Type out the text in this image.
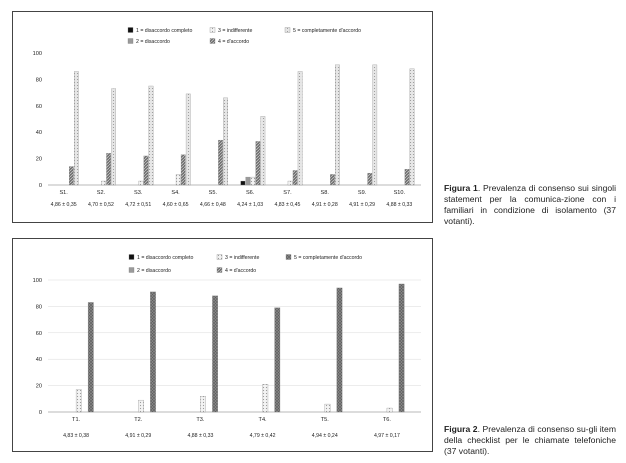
1 = disaccordo completo
2 = disaccordo
3 = indifferente
4 = d'accordo
5 = completamente d'accordo
0
20
40
60
80
100
S1.
4,86 ± 0,35
S2.
4,70 ± 0,52
S3.
4,72 ± 0,51
S4.
4,60 ± 0,65
S5.
4,66 ± 0,48
S6.
4,24 ± 1,03
S7.
4,83 ± 0,45
S8.
4,91 ± 0,28
S9.
4,91 ± 0,29
S10.
4,88 ± 0,33
Figura 1. Prevalenza di consenso sui singoli statement per la comunica-zione con i familiari in condizione di isolamento (37 votanti).
1 = disaccordo completo
2 = disaccordo
3 = indifferente
4 = d'accordo
5 = completamente d'accordo
0
20
40
60
80
100
T1.
4,83 ± 0,38
T2.
4,91 ± 0,29
T3.
4,88 ± 0,33
T4.
4,79 ± 0,42
T5.
4,94 ± 0,24
T6.
4,97 ± 0,17
Figura 2. Prevalenza di consenso su-gli item della checklist per le chiamate telefoniche (37 votanti).
